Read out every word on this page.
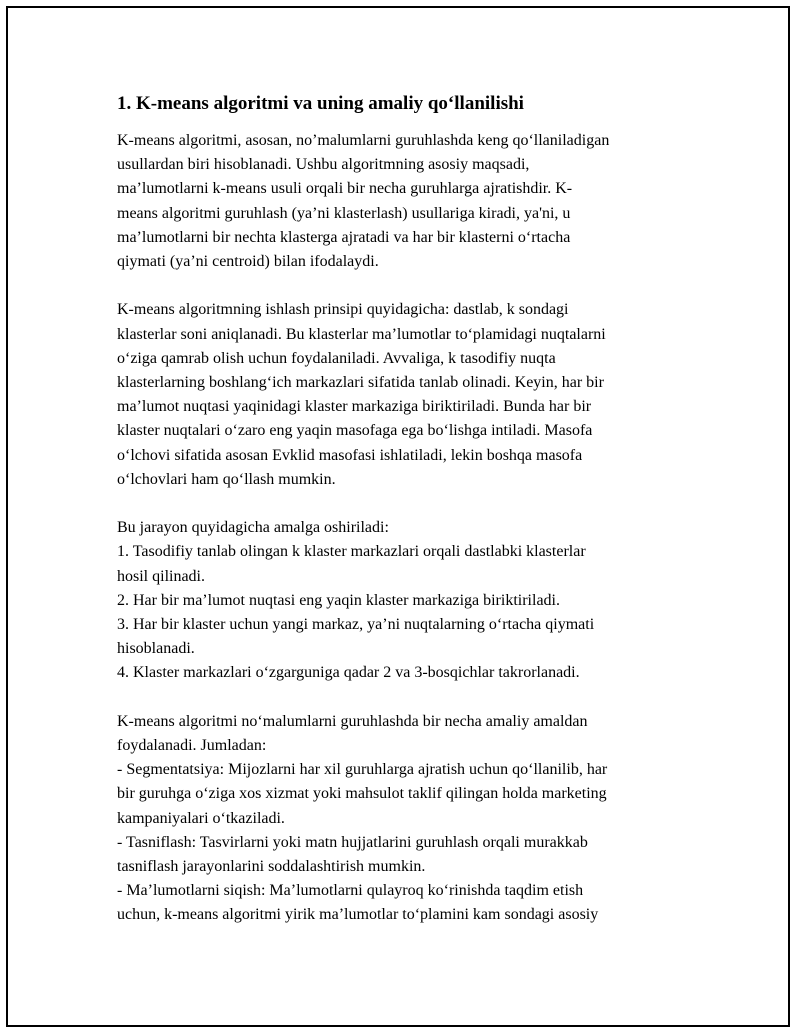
1. K-means algoritmi va uning amaliy qo‘llanilishi
K-means algoritmi, asosan, no’malumlarni guruhlashda keng qo‘llaniladigan
usullardan biri hisoblanadi. Ushbu algoritmning asosiy maqsadi,
ma’lumotlarni k-means usuli orqali bir necha guruhlarga ajratishdir. K-
means algoritmi guruhlash (ya’ni klasterlash) usullariga kiradi, ya'ni, u
ma’lumotlarni bir nechta klasterga ajratadi va har bir klasterni o‘rtacha
qiymati (ya’ni centroid) bilan ifodalaydi.
K-means algoritmning ishlash prinsipi quyidagicha: dastlab, k sondagi
klasterlar soni aniqlanadi. Bu klasterlar ma’lumotlar to‘plamidagi nuqtalarni
o‘ziga qamrab olish uchun foydalaniladi. Avvaliga, k tasodifiy nuqta
klasterlarning boshlang‘ich markazlari sifatida tanlab olinadi. Keyin, har bir
ma’lumot nuqtasi yaqinidagi klaster markaziga biriktiriladi. Bunda har bir
klaster nuqtalari o‘zaro eng yaqin masofaga ega bo‘lishga intiladi. Masofa
o‘lchovi sifatida asosan Evklid masofasi ishlatiladi, lekin boshqa masofa
o‘lchovlari ham qo‘llash mumkin.
Bu jarayon quyidagicha amalga oshiriladi:
1. Tasodifiy tanlab olingan k klaster markazlari orqali dastlabki klasterlar
hosil qilinadi.
2. Har bir ma’lumot nuqtasi eng yaqin klaster markaziga biriktiriladi.
3. Har bir klaster uchun yangi markaz, ya’ni nuqtalarning o‘rtacha qiymati
hisoblanadi.
4. Klaster markazlari o‘zgarguniga qadar 2 va 3-bosqichlar takrorlanadi.
K-means algoritmi no‘malumlarni guruhlashda bir necha amaliy amaldan
foydalanadi. Jumladan:
- Segmentatsiya: Mijozlarni har xil guruhlarga ajratish uchun qo‘llanilib, har
bir guruhga o‘ziga xos xizmat yoki mahsulot taklif qilingan holda marketing
kampaniyalari o‘tkaziladi.
- Tasniflash: Tasvirlarni yoki matn hujjatlarini guruhlash orqali murakkab
tasniflash jarayonlarini soddalashtirish mumkin.
- Ma’lumotlarni siqish: Ma’lumotlarni qulayroq ko‘rinishda taqdim etish
uchun, k-means algoritmi yirik ma’lumotlar to‘plamini kam sondagi asosiy
